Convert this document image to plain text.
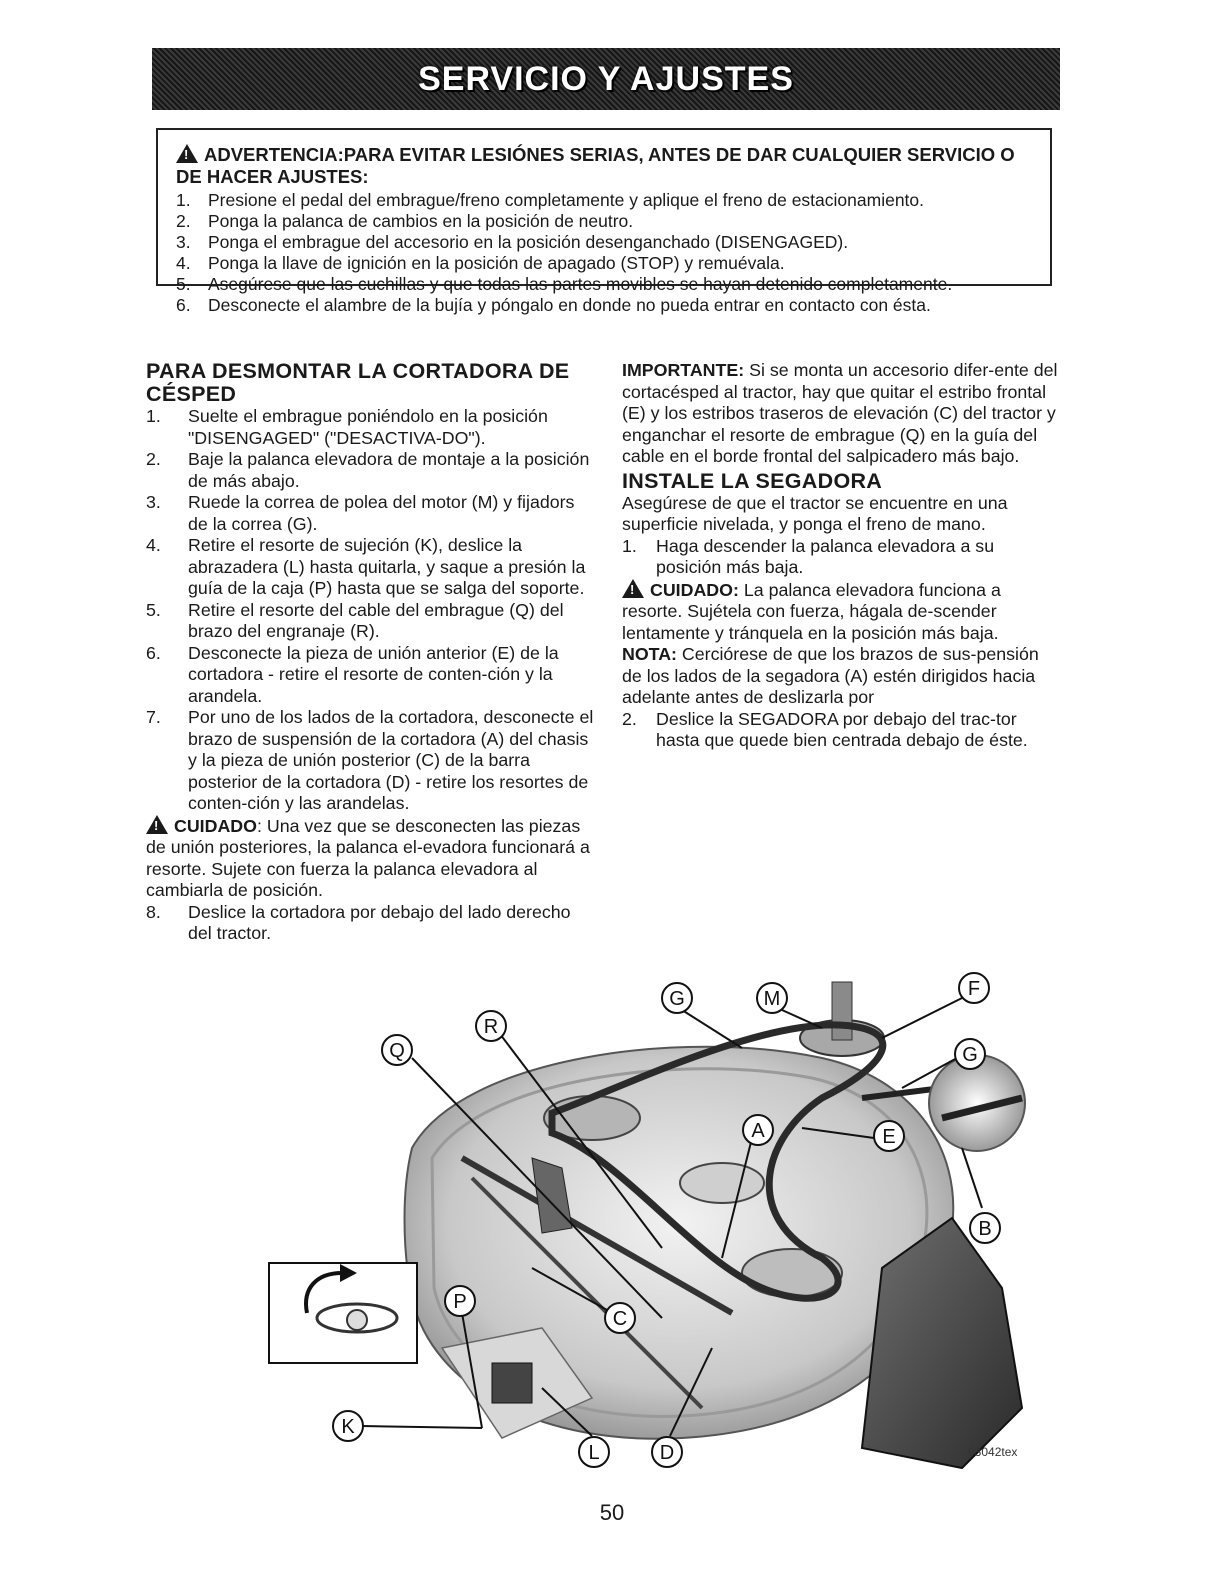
SERVICIO Y AJUSTES
!ADVERTENCIA:PARA EVITAR LESIÓNES SERIAS, ANTES DE DAR CUALQUIER SERVICIO O DE HACER AJUSTES:
1. Presione el pedal del embrague/freno completamente y aplique el freno de estacionamiento.
2. Ponga la palanca de cambios en la posición de neutro.
3. Ponga el embrague del accesorio en la posición desenganchado (DISENGAGED).
4. Ponga la llave de ignición en la posición de apagado (STOP) y remuévala.
5. Asegúrese que las cuchillas y que todas las partes movibles se hayan detenido completamente.
6. Desconecte el alambre de la bujía y póngalo en donde no pueda entrar en contacto con ésta.
PARA DESMONTAR LA CORTADORA DE CÉSPED
1.	Suelte el embrague poniéndolo en la posición "DISENGAGED" ("DESACTIVA-DO").
2.	Baje la palanca elevadora de montaje a la posición de más abajo.
3.	Ruede la correa de polea del motor (M) y fijadors de la correa (G).
4.	Retire el resorte de sujeción (K), deslice la abrazadera (L) hasta quitarla, y saque a presión la guía de la caja (P) hasta que se salga del soporte.
5.	Retire el resorte del cable del embrague (Q) del brazo del engranaje (R).
6.	Desconecte la pieza de unión anterior (E) de la cortadora - retire el resorte de conten-ción y la arandela.
7.	Por uno de los lados de la cortadora, desconecte el brazo de suspensión de la cortadora (A) del chasis y la pieza de unión posterior (C) de la barra posterior de la cortadora (D) - retire los resortes de conten-ción y las arandelas.
!CUIDADO: Una vez que se desconecten las piezas de unión posteriores, la palanca el-evadora funcionará a resorte. Sujete con fuerza la palanca elevadora al cambiarla de posición.
8.	Deslice la cortadora por debajo del lado derecho del tractor.
IMPORTANTE: Si se monta un accesorio difer-ente del cortacésped al tractor, hay que quitar el estribo frontal (E) y los estribos traseros de elevación (C) del tractor y enganchar el resorte de embrague (Q) en la guía del cable en el borde frontal del salpicadero más bajo.
INSTALE LA SEGADORA
Asegúrese de que el tractor se encuentre en una superficie nivelada, y ponga el freno de mano.
1.	Haga descender la palanca elevadora a su posición más baja.
!CUIDADO: La palanca elevadora funciona a resorte. Sujétela con fuerza, hágala de-scender lentamente y tránquela en la posición más baja.
NOTA: Cerciórese de que los brazos de sus-pensión de los lados de la segadora (A) estén dirigidos hacia adelante antes de deslizarla por
2.	Deslice la SEGADORA por debajo del trac-tor hasta que quede bien centrada debajo de éste.
G	M	F
G
Q
R
A	E
B
P
C
K
L	D	03042tex
50
